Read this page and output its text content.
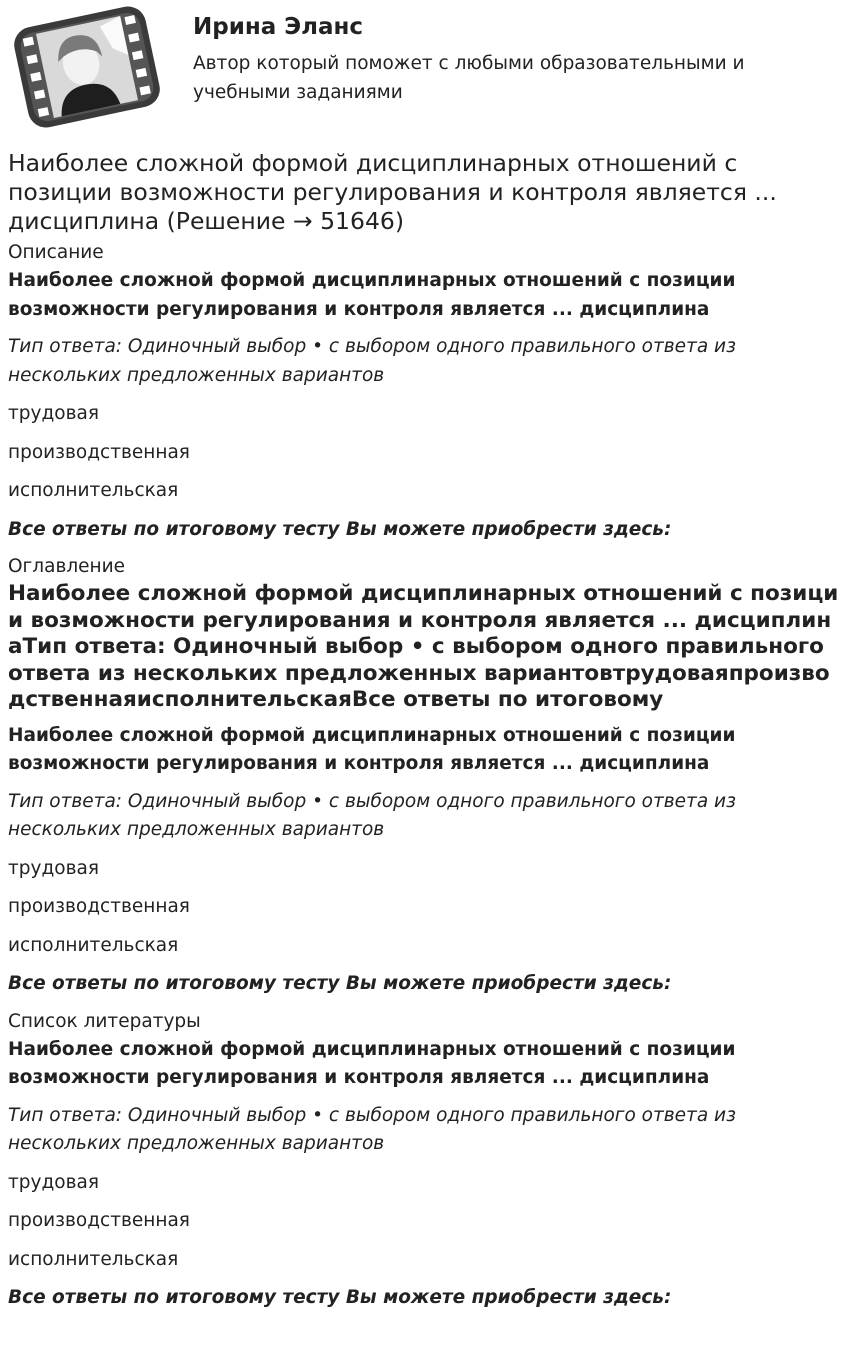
Ирина Эланс

Автор который поможет с любыми образовательными и учебными заданиями

Наиболее сложной формой дисциплинарных отношений с позиции возможности регулирования и контроля является ... дисциплина (Решение → 51646)

Описание

Наиболее сложной формой дисциплинарных отношений с позиции возможности регулирования и контроля является ... дисциплина

Тип ответа: Одиночный выбор • с выбором одного правильного ответа из нескольких предложенных вариантов

трудовая

производственная

исполнительская

Все ответы по итоговому тесту Вы можете приобрести здесь:

Оглавление

Наиболее сложной формой дисциплинарных отношений с позиции возможности регулирования и контроля является ... дисциплинаТип ответа: Одиночный выбор • с выбором одного правильного ответа из нескольких предложенных вариантовтрудоваяпроизводственнаяисполнительскаяВсе ответы по итоговому

Наиболее сложной формой дисциплинарных отношений с позиции возможности регулирования и контроля является ... дисциплина

Тип ответа: Одиночный выбор • с выбором одного правильного ответа из нескольких предложенных вариантов

трудовая

производственная

исполнительская

Все ответы по итоговому тесту Вы можете приобрести здесь:

Список литературы

Наиболее сложной формой дисциплинарных отношений с позиции возможности регулирования и контроля является ... дисциплина

Тип ответа: Одиночный выбор • с выбором одного правильного ответа из нескольких предложенных вариантов

трудовая

производственная

исполнительская

Все ответы по итоговому тесту Вы можете приобрести здесь:
